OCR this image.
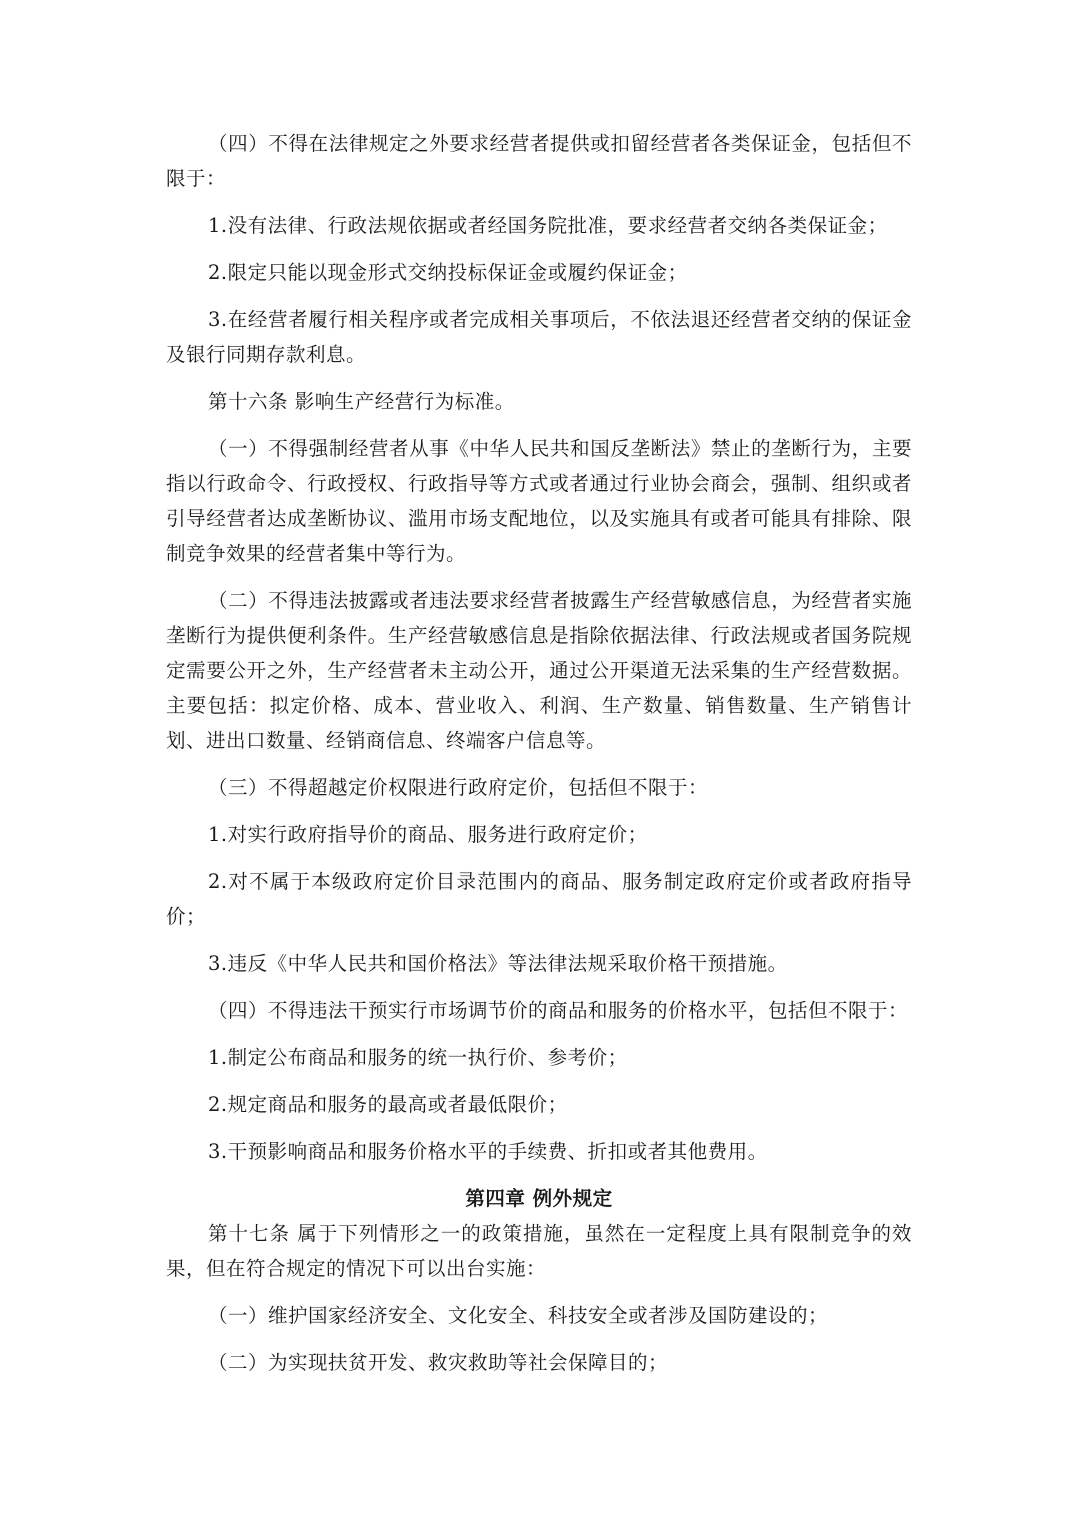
（四）不得在法律规定之外要求经营者提供或扣留经营者各类保证金，包括但不限于：

1.没有法律、行政法规依据或者经国务院批准，要求经营者交纳各类保证金；

2.限定只能以现金形式交纳投标保证金或履约保证金；

3.在经营者履行相关程序或者完成相关事项后，不依法退还经营者交纳的保证金及银行同期存款利息。

第十六条 影响生产经营行为标准。

（一）不得强制经营者从事《中华人民共和国反垄断法》禁止的垄断行为，主要指以行政命令、行政授权、行政指导等方式或者通过行业协会商会，强制、组织或者引导经营者达成垄断协议、滥用市场支配地位，以及实施具有或者可能具有排除、限制竞争效果的经营者集中等行为。

（二）不得违法披露或者违法要求经营者披露生产经营敏感信息，为经营者实施垄断行为提供便利条件。生产经营敏感信息是指除依据法律、行政法规或者国务院规定需要公开之外，生产经营者未主动公开，通过公开渠道无法采集的生产经营数据。主要包括：拟定价格、成本、营业收入、利润、生产数量、销售数量、生产销售计划、进出口数量、经销商信息、终端客户信息等。

（三）不得超越定价权限进行政府定价，包括但不限于：

1.对实行政府指导价的商品、服务进行政府定价；

2.对不属于本级政府定价目录范围内的商品、服务制定政府定价或者政府指导价；

3.违反《中华人民共和国价格法》等法律法规采取价格干预措施。

（四）不得违法干预实行市场调节价的商品和服务的价格水平，包括但不限于：

1.制定公布商品和服务的统一执行价、参考价；

2.规定商品和服务的最高或者最低限价；

3.干预影响商品和服务价格水平的手续费、折扣或者其他费用。

第四章 例外规定

第十七条 属于下列情形之一的政策措施，虽然在一定程度上具有限制竞争的效果，但在符合规定的情况下可以出台实施：

（一）维护国家经济安全、文化安全、科技安全或者涉及国防建设的；

（二）为实现扶贫开发、救灾救助等社会保障目的；
